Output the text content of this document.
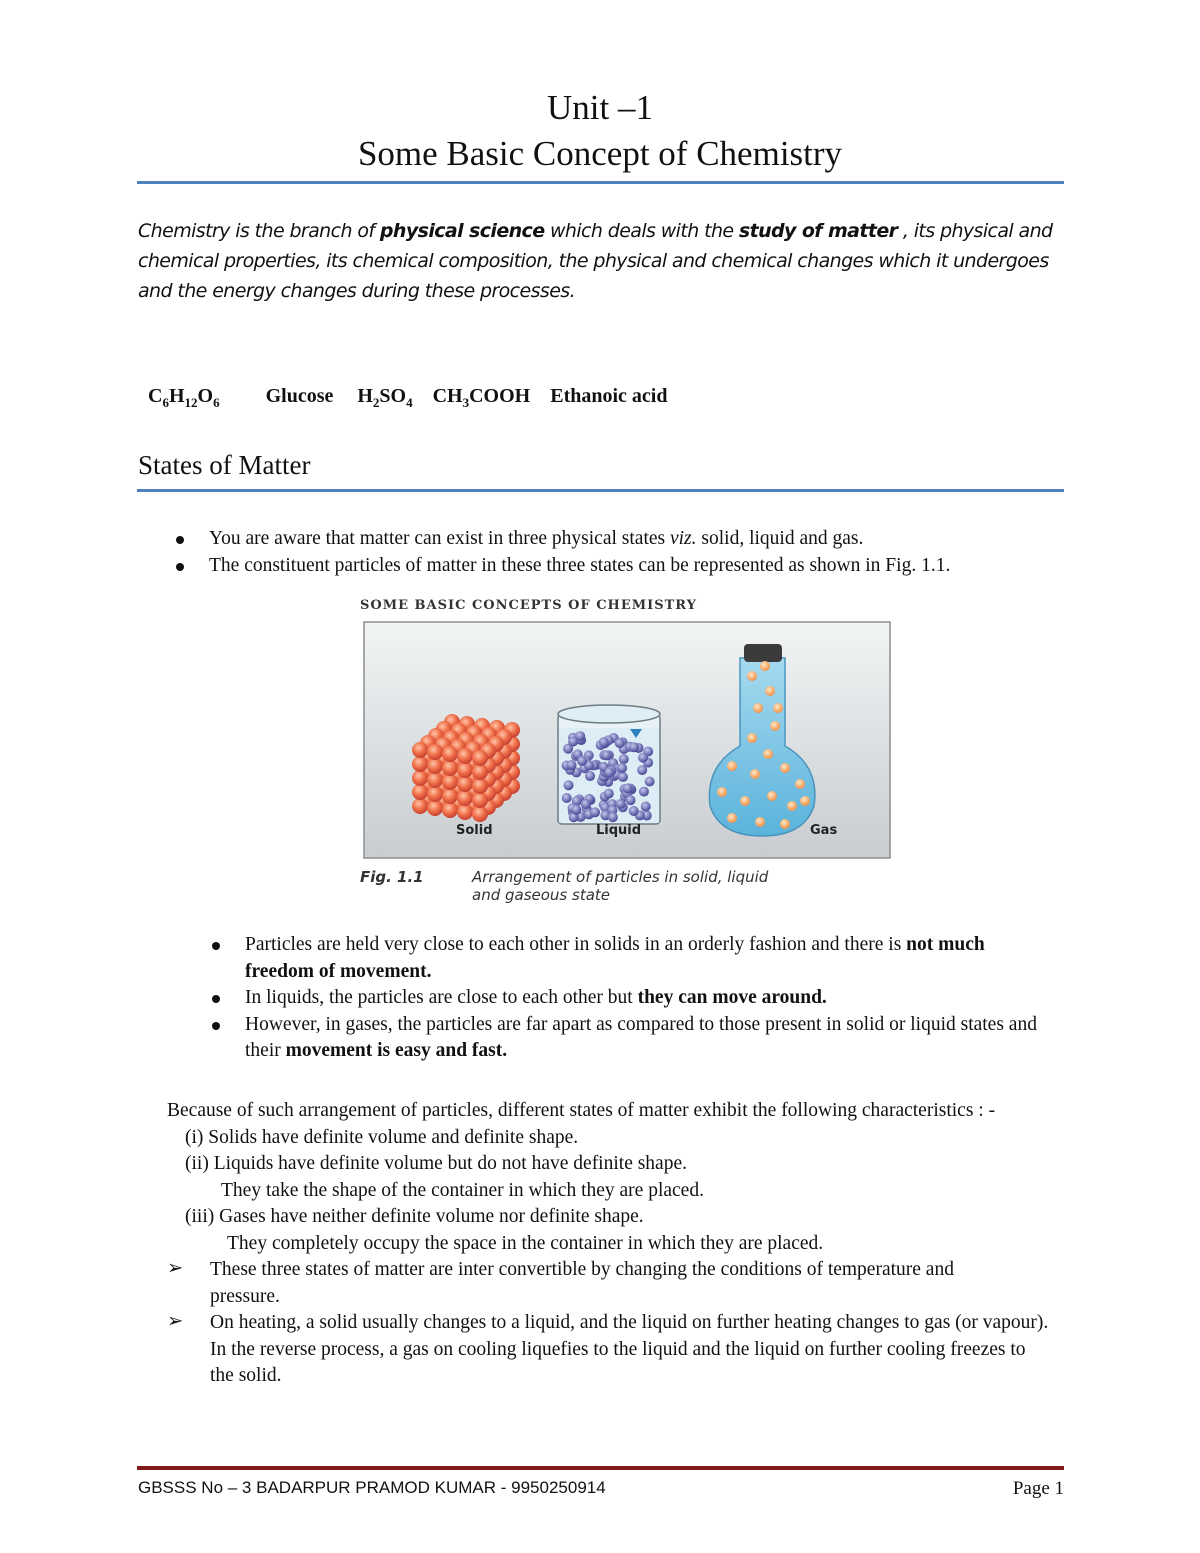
Unit –1
Some Basic Concept of Chemistry
Chemistry is the branch of physical science which deals with the study of matter , its physical and chemical properties, its chemical composition, the physical and chemical changes which it undergoes and the energy changes during these processes.

$C_6H_{12}O_6$ Glucose $H_2SO_4$ $CH_3COOH$ Ethanoic acid

States of Matter
You are aware that matter can exist in three physical states viz. solid, liquid and gas.
The constituent particles of matter in these three states can be represented as shown in Fig. 1.1.
SOME BASIC CONCEPTS OF CHEMISTRY
Solid	Liquid	Gas
Fig. 1.1	Arrangement of particles in solid, liquid
and gaseous state
Particles are held very close to each other in solids in an orderly fashion and there is not much freedom of movement.
In liquids, the particles are close to each other but they can move around.
However, in gases, the particles are far apart as compared to those present in solid or liquid states and their movement is easy and fast.
Because of such arrangement of particles, different states of matter exhibit the following characteristics : -
(i) Solids have definite volume and definite shape.
(ii) Liquids have definite volume but do not have definite shape.
They take the shape of the container in which they are placed.
(iii) Gases have neither definite volume nor definite shape.
They completely occupy the space in the container in which they are placed.
➢ These three states of matter are inter convertible by changing the conditions of temperature and pressure.
➢ On heating, a solid usually changes to a liquid, and the liquid on further heating changes to gas (or vapour). In the reverse process, a gas on cooling liquefies to the liquid and the liquid on further cooling freezes to the solid.
GBSSS No – 3 BADARPUR PRAMOD KUMAR - 9950250914	Page 1
